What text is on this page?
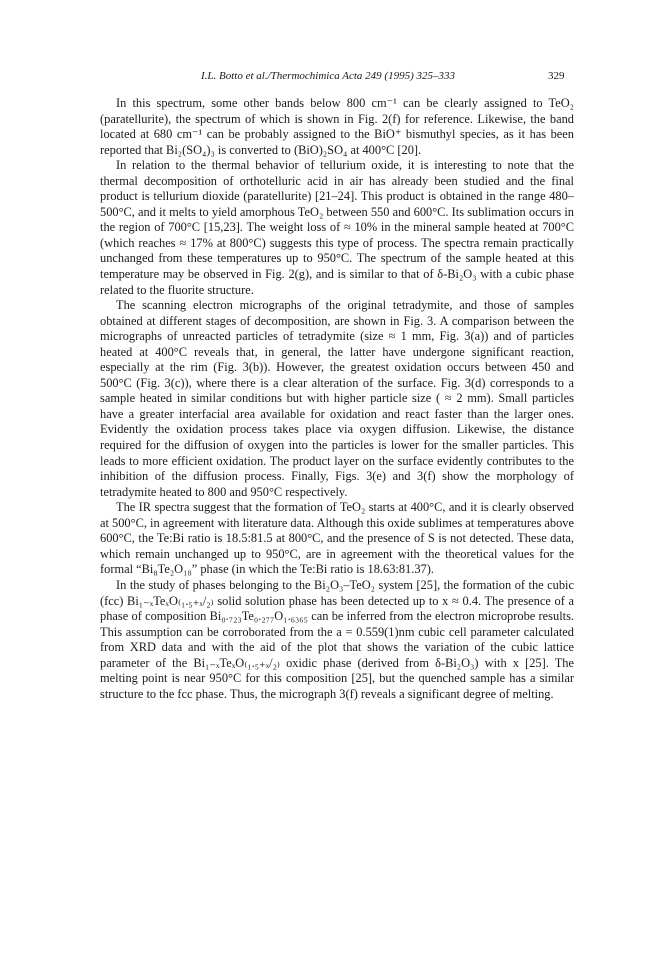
I.L. Botto et al./Thermochimica Acta 249 (1995) 325–333	329

In this spectrum, some other bands below 800 cm⁻¹ can be clearly assigned to TeO₂ (paratellurite), the spectrum of which is shown in Fig. 2(f) for reference. Likewise, the band located at 680 cm⁻¹ can be probably assigned to the BiO⁺ bismuthyl species, as it has been reported that Bi₂(SO₄)₃ is converted to (BiO)₂SO₄ at 400°C [20].

In relation to the thermal behavior of tellurium oxide, it is interesting to note that the thermal decomposition of orthotelluric acid in air has already been studied and the final product is tellurium dioxide (paratellurite) [21–24]. This product is obtained in the range 480–500°C, and it melts to yield amorphous TeO₂ between 550 and 600°C. Its sublimation occurs in the region of 700°C [15,23]. The weight loss of ≈ 10% in the mineral sample heated at 700°C (which reaches ≈ 17% at 800°C) suggests this type of process. The spectra remain practically unchanged from these temperatures up to 950°C. The spectrum of the sample heated at this temperature may be observed in Fig. 2(g), and is similar to that of δ-Bi₂O₃ with a cubic phase related to the fluorite structure.

The scanning electron micrographs of the original tetradymite, and those of samples obtained at different stages of decomposition, are shown in Fig. 3. A comparison between the micrographs of unreacted particles of tetradymite (size ≈ 1 mm, Fig. 3(a)) and of particles heated at 400°C reveals that, in general, the latter have undergone significant reaction, especially at the rim (Fig. 3(b)). However, the greatest oxidation occurs between 450 and 500°C (Fig. 3(c)), where there is a clear alteration of the surface. Fig. 3(d) corresponds to a sample heated in similar conditions but with higher particle size ( ≈ 2 mm). Small particles have a greater interfacial area available for oxidation and react faster than the larger ones. Evidently the oxidation process takes place via oxygen diffusion. Likewise, the distance required for the diffusion of oxygen into the particles is lower for the smaller particles. This leads to more efficient oxidation. The product layer on the surface evidently contributes to the inhibition of the diffusion process. Finally, Figs. 3(e) and 3(f) show the morphology of tetradymite heated to 800 and 950°C respectively.

The IR spectra suggest that the formation of TeO₂ starts at 400°C, and it is clearly observed at 500°C, in agreement with literature data. Although this oxide sublimes at temperatures above 600°C, the Te:Bi ratio is 18.5:81.5 at 800°C, and the presence of S is not detected. These data, which remain unchanged up to 950°C, are in agreement with the theoretical values for the formal “Bi₈Te₂O₁₈” phase (in which the Te:Bi ratio is 18.63:81.37).

In the study of phases belonging to the Bi₂O₃–TeO₂ system [25], the formation of the cubic (fcc) Bi₁₋ₓTeₓO₍₁.₅₊ₓ/₂₎ solid solution phase has been detected up to x ≈ 0.4. The presence of a phase of composition Bi₀.₇₂₃Te₀.₂₇₇O₁.₆₃₆₅ can be inferred from the electron microprobe results. This assumption can be corroborated from the a = 0.559(1)nm cubic cell parameter calculated from XRD data and with the aid of the plot that shows the variation of the cubic lattice parameter of the Bi₁₋ₓTeₓO₍₁.₅₊ₓ/₂₎ oxidic phase (derived from δ-Bi₂O₃) with x [25]. The melting point is near 950°C for this composition [25], but the quenched sample has a similar structure to the fcc phase. Thus, the micrograph 3(f) reveals a significant degree of melting.
